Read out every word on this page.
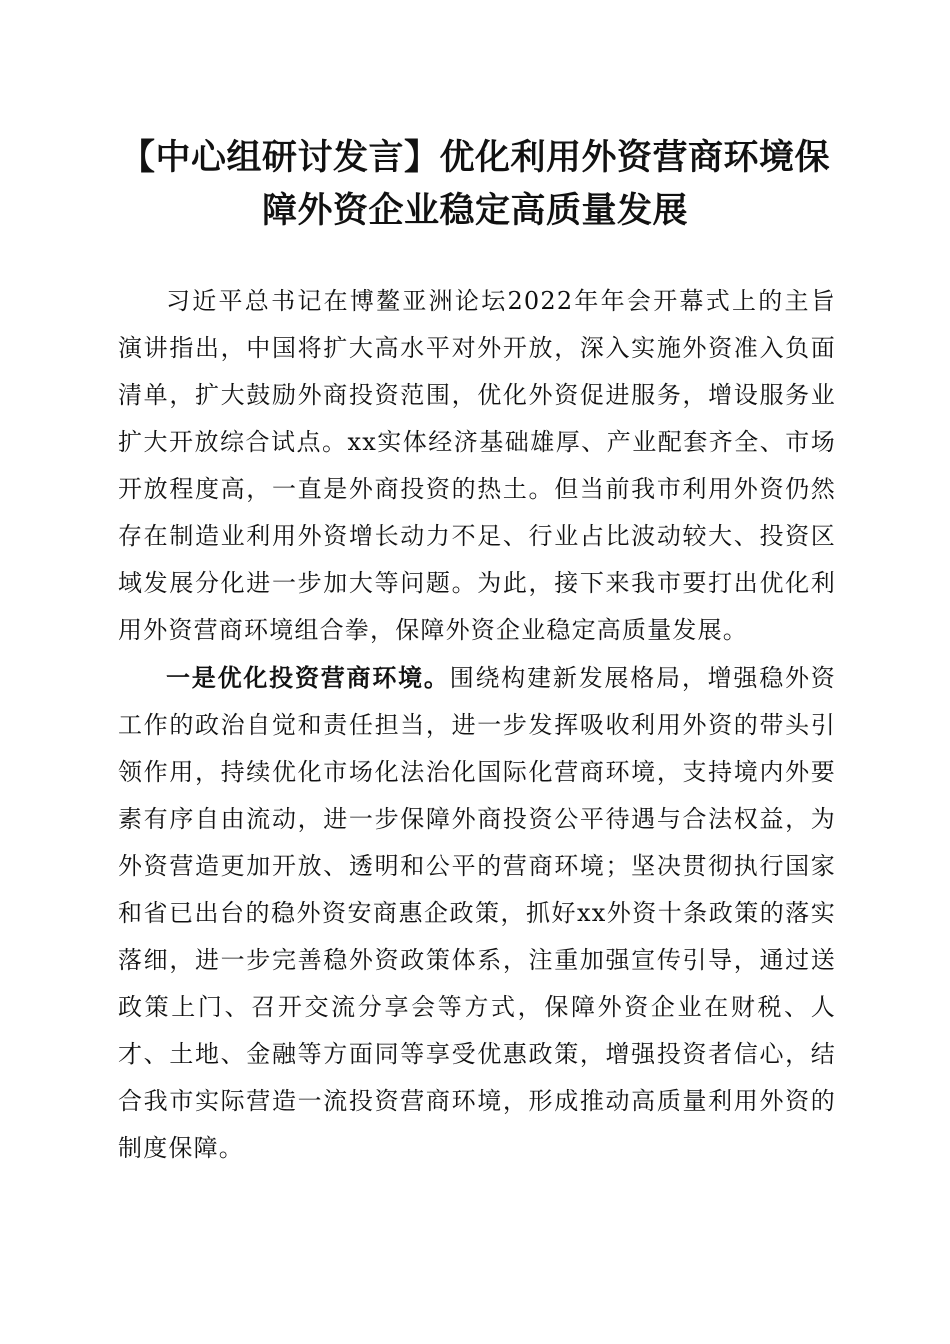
【中心组研讨发言】优化利用外资营商环境保
障外资企业稳定高质量发展

习近平总书记在博鳌亚洲论坛2022年年会开幕式上的主旨演讲指出，中国将扩大高水平对外开放，深入实施外资准入负面清单，扩大鼓励外商投资范围，优化外资促进服务，增设服务业扩大开放综合试点。xx实体经济基础雄厚、产业配套齐全、市场开放程度高，一直是外商投资的热土。但当前我市利用外资仍然存在制造业利用外资增长动力不足、行业占比波动较大、投资区域发展分化进一步加大等问题。为此，接下来我市要打出优化利用外资营商环境组合拳，保障外资企业稳定高质量发展。

一是优化投资营商环境。围绕构建新发展格局，增强稳外资工作的政治自觉和责任担当，进一步发挥吸收利用外资的带头引领作用，持续优化市场化法治化国际化营商环境，支持境内外要素有序自由流动，进一步保障外商投资公平待遇与合法权益，为外资营造更加开放、透明和公平的营商环境；坚决贯彻执行国家和省已出台的稳外资安商惠企政策，抓好xx外资十条政策的落实落细，进一步完善稳外资政策体系，注重加强宣传引导，通过送政策上门、召开交流分享会等方式，保障外资企业在财税、人才、土地、金融等方面同等享受优惠政策，增强投资者信心，结合我市实际营造一流投资营商环境，形成推动高质量利用外资的制度保障。
